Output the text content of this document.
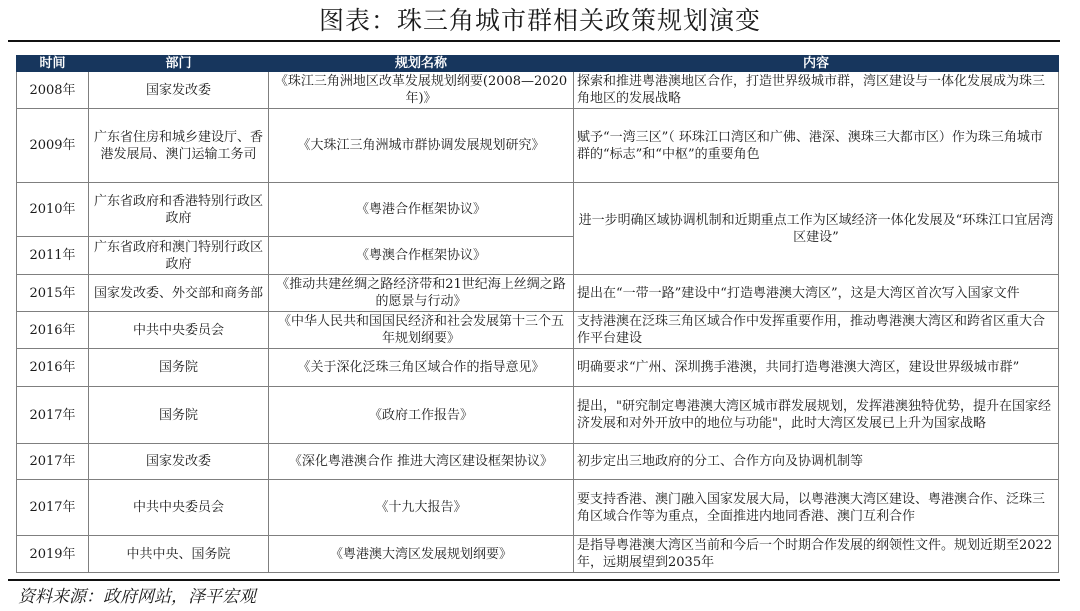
图表：珠三角城市群相关政策规划演变
时间	部门	规划名称	内容
2008年	国家发改委	《珠江三角洲地区改革发展规划纲要(2008—2020年)》	探索和推进粤港澳地区合作，打造世界级城市群，湾区建设与一体化发展成为珠三角地区的发展战略
2009年	广东省住房和城乡建设厅、香港发展局、澳门运输工务司	《大珠江三角洲城市群协调发展规划研究》	赋予“一湾三区”（ 环珠江口湾区和广佛、港深、澳珠三大都市区）作为珠三角城市群的“标志”和“中枢”的重要角色
2010年	广东省政府和香港特别行政区政府	《粤港合作框架协议》	进一步明确区域协调机制和近期重点工作为区域经济一体化发展及“环珠江口宜居湾区建设”
2011年	广东省政府和澳门特别行政区政府	《粤澳合作框架协议》	
2015年	国家发改委、外交部和商务部	《推动共建丝绸之路经济带和21世纪海上丝绸之路的愿景与行动》	提出在“一带一路”建设中“打造粤港澳大湾区”，这是大湾区首次写入国家文件
2016年	中共中央委员会	《中华人民共和国国民经济和社会发展第十三个五年规划纲要》	支持港澳在泛珠三角区域合作中发挥重要作用，推动粤港澳大湾区和跨省区重大合作平台建设
2016年	国务院	《关于深化泛珠三角区域合作的指导意见》	明确要求“广州、深圳携手港澳，共同打造粤港澳大湾区，建设世界级城市群”
2017年	国务院	《政府工作报告》	提出，"研究制定粤港澳大湾区城市群发展规划，发挥港澳独特优势，提升在国家经济发展和对外开放中的地位与功能"，此时大湾区发展已上升为国家战略
2017年	国家发改委	《深化粤港澳合作 推进大湾区建设框架协议》	初步定出三地政府的分工、合作方向及协调机制等
2017年	中共中央委员会	《十九大报告》	要支持香港、澳门融入国家发展大局，以粤港澳大湾区建设、粤港澳合作、泛珠三角区域合作等为重点，全面推进内地同香港、澳门互利合作
2019年	中共中央、国务院	《粤港澳大湾区发展规划纲要》	是指导粤港澳大湾区当前和今后一个时期合作发展的纲领性文件。规划近期至2022年，远期展望到2035年
资料来源：政府网站，泽平宏观
